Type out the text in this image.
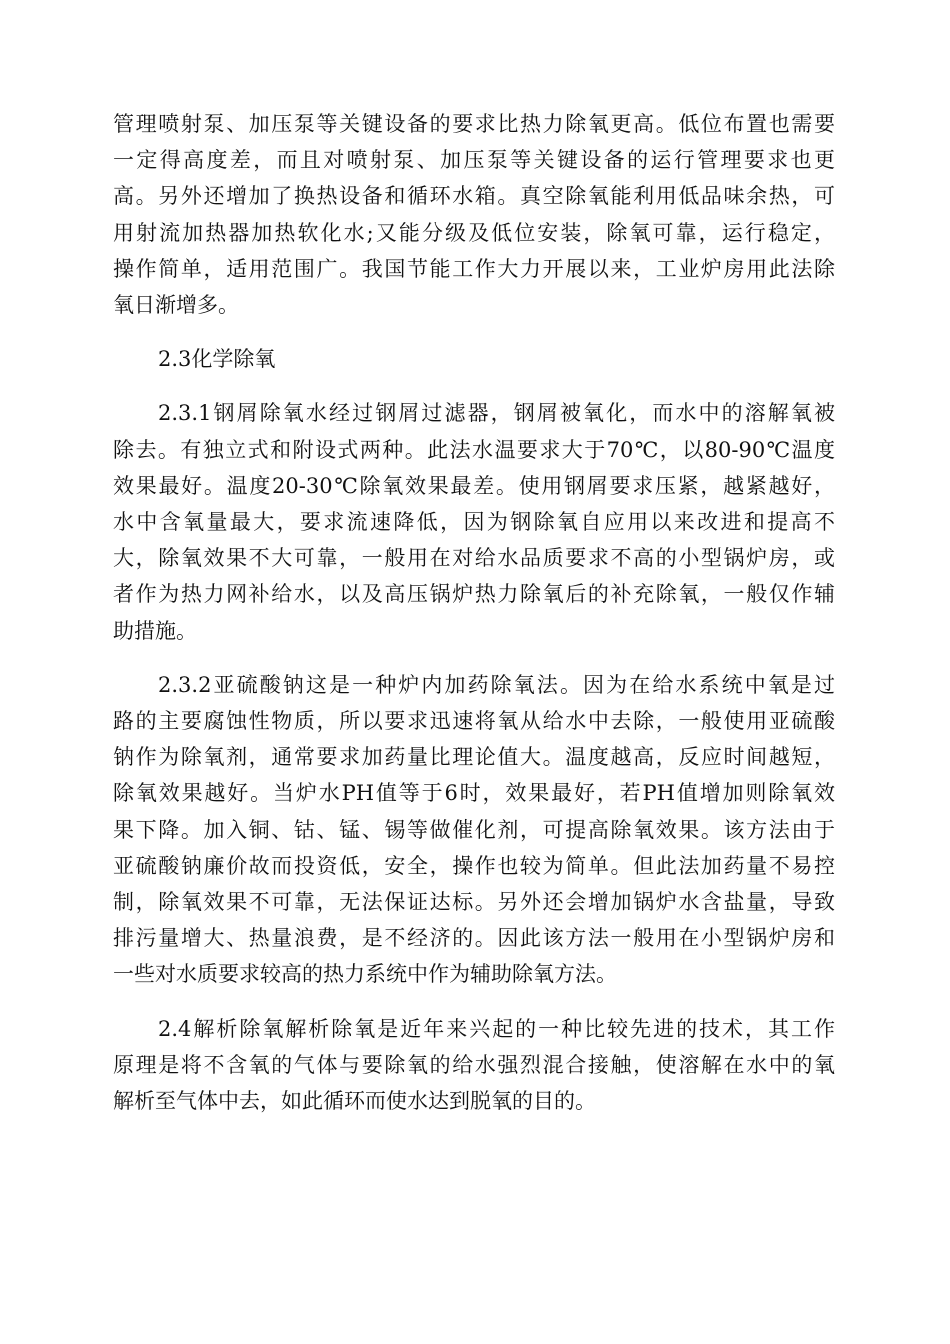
管理喷射泵、加压泵等关键设备的要求比热力除氧更高。低位布置也需要
一定得高度差，而且对喷射泵、加压泵等关键设备的运行管理要求也更
高。另外还增加了换热设备和循环水箱。真空除氧能利用低品味余热，可
用射流加热器加热软化水;又能分级及低位安装，除氧可靠，运行稳定，
操作简单，适用范围广。我国节能工作大力开展以来，工业炉房用此法除
氧日渐增多。
2.3化学除氧
2.3.1钢屑除氧水经过钢屑过滤器，钢屑被氧化，而水中的溶解氧被
除去。有独立式和附设式两种。此法水温要求大于70℃，以80-90℃温度
效果最好。温度20-30℃除氧效果最差。使用钢屑要求压紧，越紧越好，
水中含氧量最大，要求流速降低，因为钢除氧自应用以来改进和提高不
大，除氧效果不大可靠，一般用在对给水品质要求不高的小型锅炉房，或
者作为热力网补给水，以及高压锅炉热力除氧后的补充除氧，一般仅作辅
助措施。
2.3.2亚硫酸钠这是一种炉内加药除氧法。因为在给水系统中氧是过
路的主要腐蚀性物质，所以要求迅速将氧从给水中去除，一般使用亚硫酸
钠作为除氧剂，通常要求加药量比理论值大。温度越高，反应时间越短，
除氧效果越好。当炉水PH值等于6时，效果最好，若PH值增加则除氧效
果下降。加入铜、钴、锰、锡等做催化剂，可提高除氧效果。该方法由于
亚硫酸钠廉价故而投资低，安全，操作也较为简单。但此法加药量不易控
制，除氧效果不可靠，无法保证达标。另外还会增加锅炉水含盐量，导致
排污量增大、热量浪费，是不经济的。因此该方法一般用在小型锅炉房和
一些对水质要求较高的热力系统中作为辅助除氧方法。
2.4解析除氧解析除氧是近年来兴起的一种比较先进的技术，其工作
原理是将不含氧的气体与要除氧的给水强烈混合接触，使溶解在水中的氧
解析至气体中去，如此循环而使水达到脱氧的目的。
